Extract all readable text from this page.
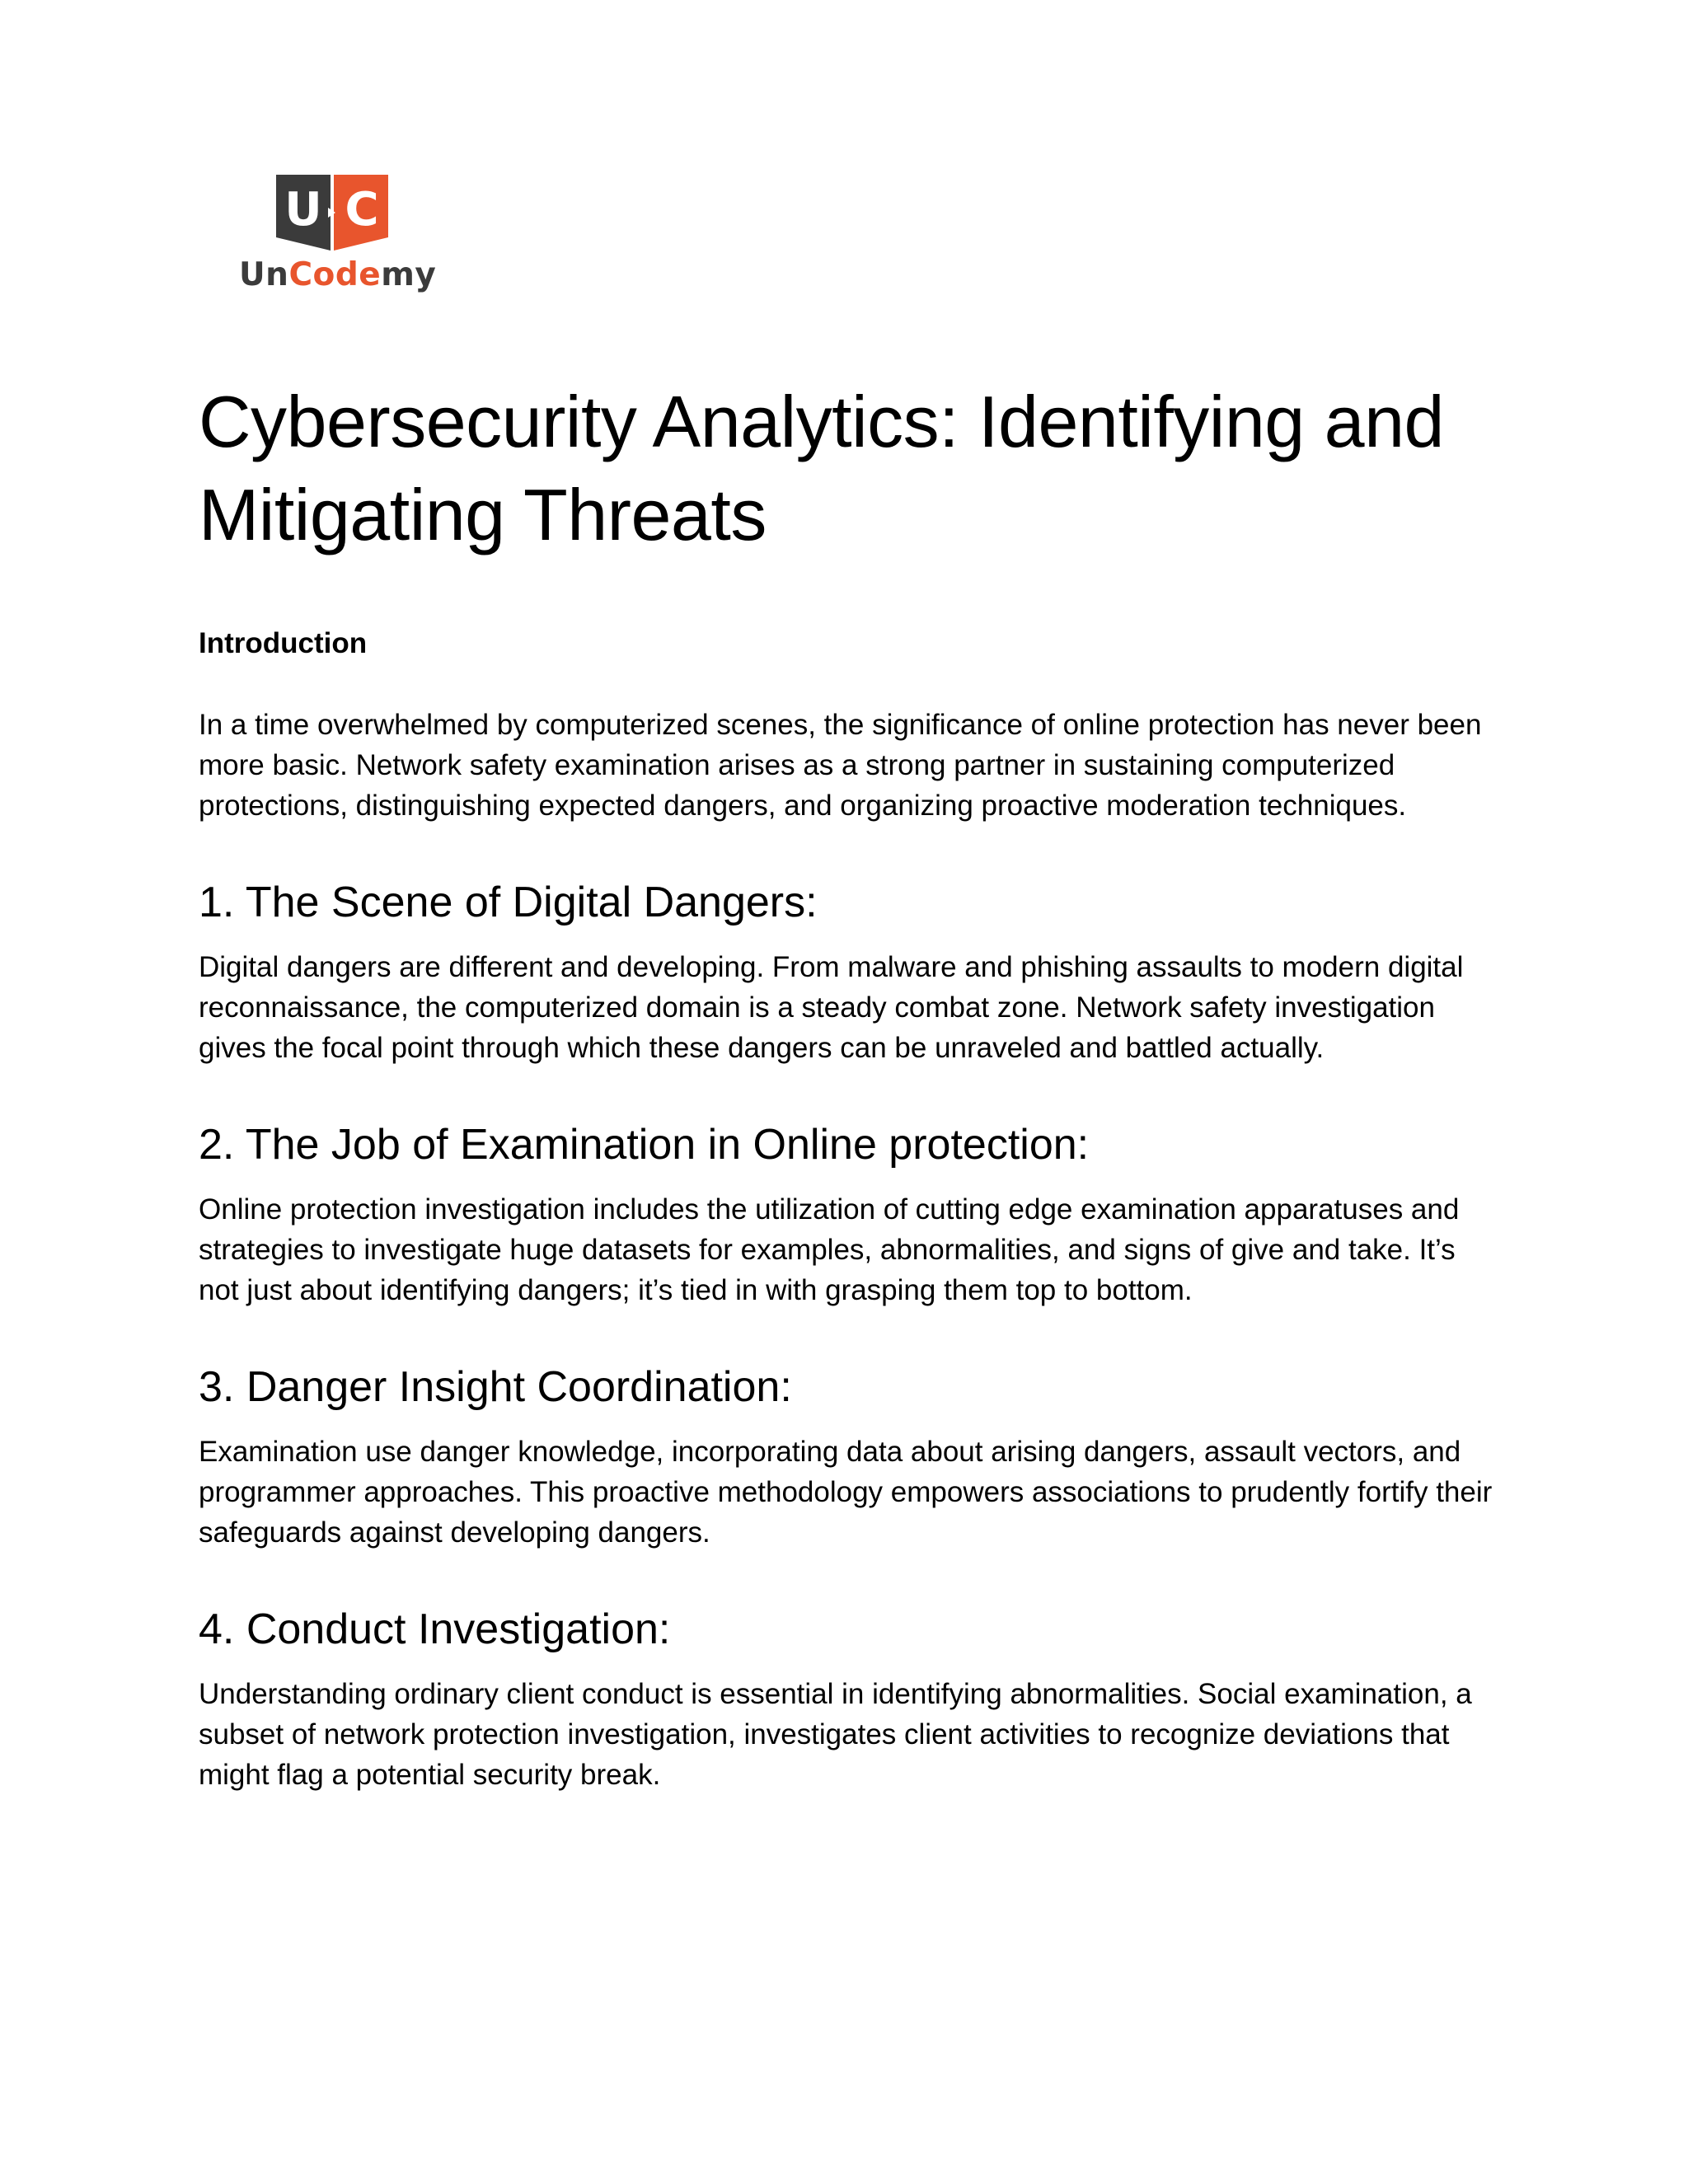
U C
UnCodemy
Cybersecurity Analytics: Identifying and Mitigating Threats
Introduction

In a time overwhelmed by computerized scenes, the significance of online protection has never been more basic. Network safety examination arises as a strong partner in sustaining computerized protections, distinguishing expected dangers, and organizing proactive moderation techniques.

1. The Scene of Digital Dangers:

Digital dangers are different and developing. From malware and phishing assaults to modern digital reconnaissance, the computerized domain is a steady combat zone. Network safety investigation gives the focal point through which these dangers can be unraveled and battled actually.

2. The Job of Examination in Online protection:

Online protection investigation includes the utilization of cutting edge examination apparatuses and strategies to investigate huge datasets for examples, abnormalities, and signs of give and take. It’s not just about identifying dangers; it’s tied in with grasping them top to bottom.

3. Danger Insight Coordination:

Examination use danger knowledge, incorporating data about arising dangers, assault vectors, and programmer approaches. This proactive methodology empowers associations to prudently fortify their safeguards against developing dangers.

4. Conduct Investigation:

Understanding ordinary client conduct is essential in identifying abnormalities. Social examination, a subset of network protection investigation, investigates client activities to recognize deviations that might flag a potential security break.
